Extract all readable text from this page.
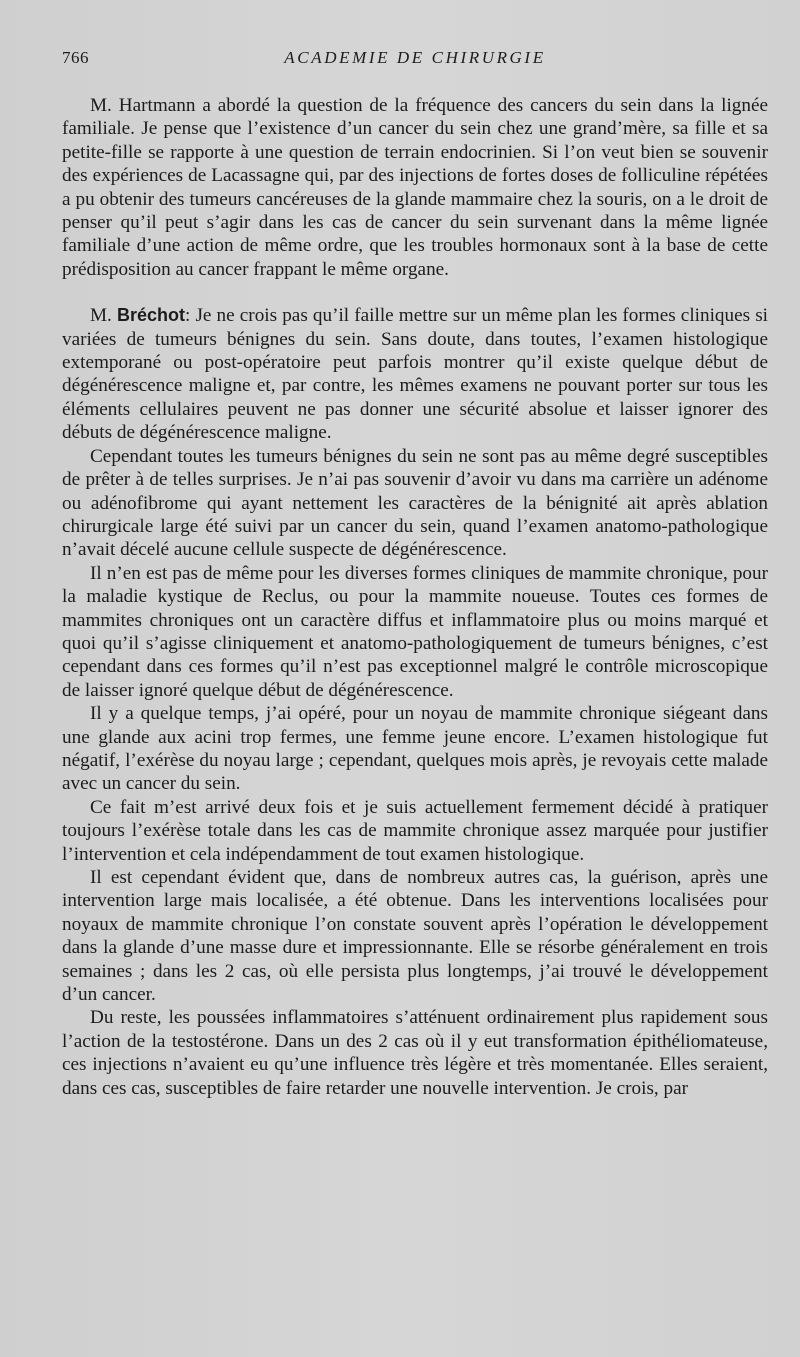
766	ACADEMIE DE CHIRURGIE

M. Hartmann a abordé la question de la fréquence des cancers du sein dans la lignée familiale. Je pense que l’existence d’un cancer du sein chez une grand’mère, sa fille et sa petite-fille se rapporte à une question de terrain endocrinien. Si l’on veut bien se souvenir des expériences de Lacassagne qui, par des injections de fortes doses de folliculine répétées a pu obtenir des tumeurs cancéreuses de la glande mammaire chez la souris, on a le droit de penser qu’il peut s’agir dans les cas de cancer du sein survenant dans la même lignée familiale d’une action de même ordre, que les troubles hormonaux sont à la base de cette prédisposition au cancer frappant le même organe.

M. Bréchot: Je ne crois pas qu’il faille mettre sur un même plan les formes cliniques si variées de tumeurs bénignes du sein. Sans doute, dans toutes, l’examen histologique extemporané ou post-opératoire peut parfois montrer qu’il existe quelque début de dégénérescence maligne et, par contre, les mêmes examens ne pouvant porter sur tous les éléments cellulaires peuvent ne pas donner une sécurité absolue et laisser ignorer des débuts de dégénérescence maligne.

Cependant toutes les tumeurs bénignes du sein ne sont pas au même degré susceptibles de prêter à de telles surprises. Je n’ai pas souvenir d’avoir vu dans ma carrière un adénome ou adénofibrome qui ayant nettement les caractères de la bénignité ait après ablation chirurgicale large été suivi par un cancer du sein, quand l’examen anatomo-pathologique n’avait décelé aucune cellule suspecte de dégénérescence.

Il n’en est pas de même pour les diverses formes cliniques de mammite chronique, pour la maladie kystique de Reclus, ou pour la mammite noueuse. Toutes ces formes de mammites chroniques ont un caractère diffus et inflammatoire plus ou moins marqué et quoi qu’il s’agisse cliniquement et anatomo-pathologiquement de tumeurs bénignes, c’est cependant dans ces formes qu’il n’est pas exceptionnel malgré le contrôle microscopique de laisser ignoré quelque début de dégénérescence.

Il y a quelque temps, j’ai opéré, pour un noyau de mammite chronique siégeant dans une glande aux acini trop fermes, une femme jeune encore. L’examen histologique fut négatif, l’exérèse du noyau large ; cependant, quelques mois après, je revoyais cette malade avec un cancer du sein.

Ce fait m’est arrivé deux fois et je suis actuellement fermement décidé à pratiquer toujours l’exérèse totale dans les cas de mammite chronique assez marquée pour justifier l’intervention et cela indépendamment de tout examen histologique.

Il est cependant évident que, dans de nombreux autres cas, la guérison, après une intervention large mais localisée, a été obtenue. Dans les interventions localisées pour noyaux de mammite chronique l’on constate souvent après l’opération le développement dans la glande d’une masse dure et impressionnante. Elle se résorbe généralement en trois semaines ; dans les 2 cas, où elle persista plus longtemps, j’ai trouvé le développement d’un cancer.

Du reste, les poussées inflammatoires s’atténuent ordinairement plus rapidement sous l’action de la testostérone. Dans un des 2 cas où il y eut transformation épithéliomateuse, ces injections n’avaient eu qu’une influence très légère et très momentanée. Elles seraient, dans ces cas, susceptibles de faire retarder une nouvelle intervention. Je crois, par
